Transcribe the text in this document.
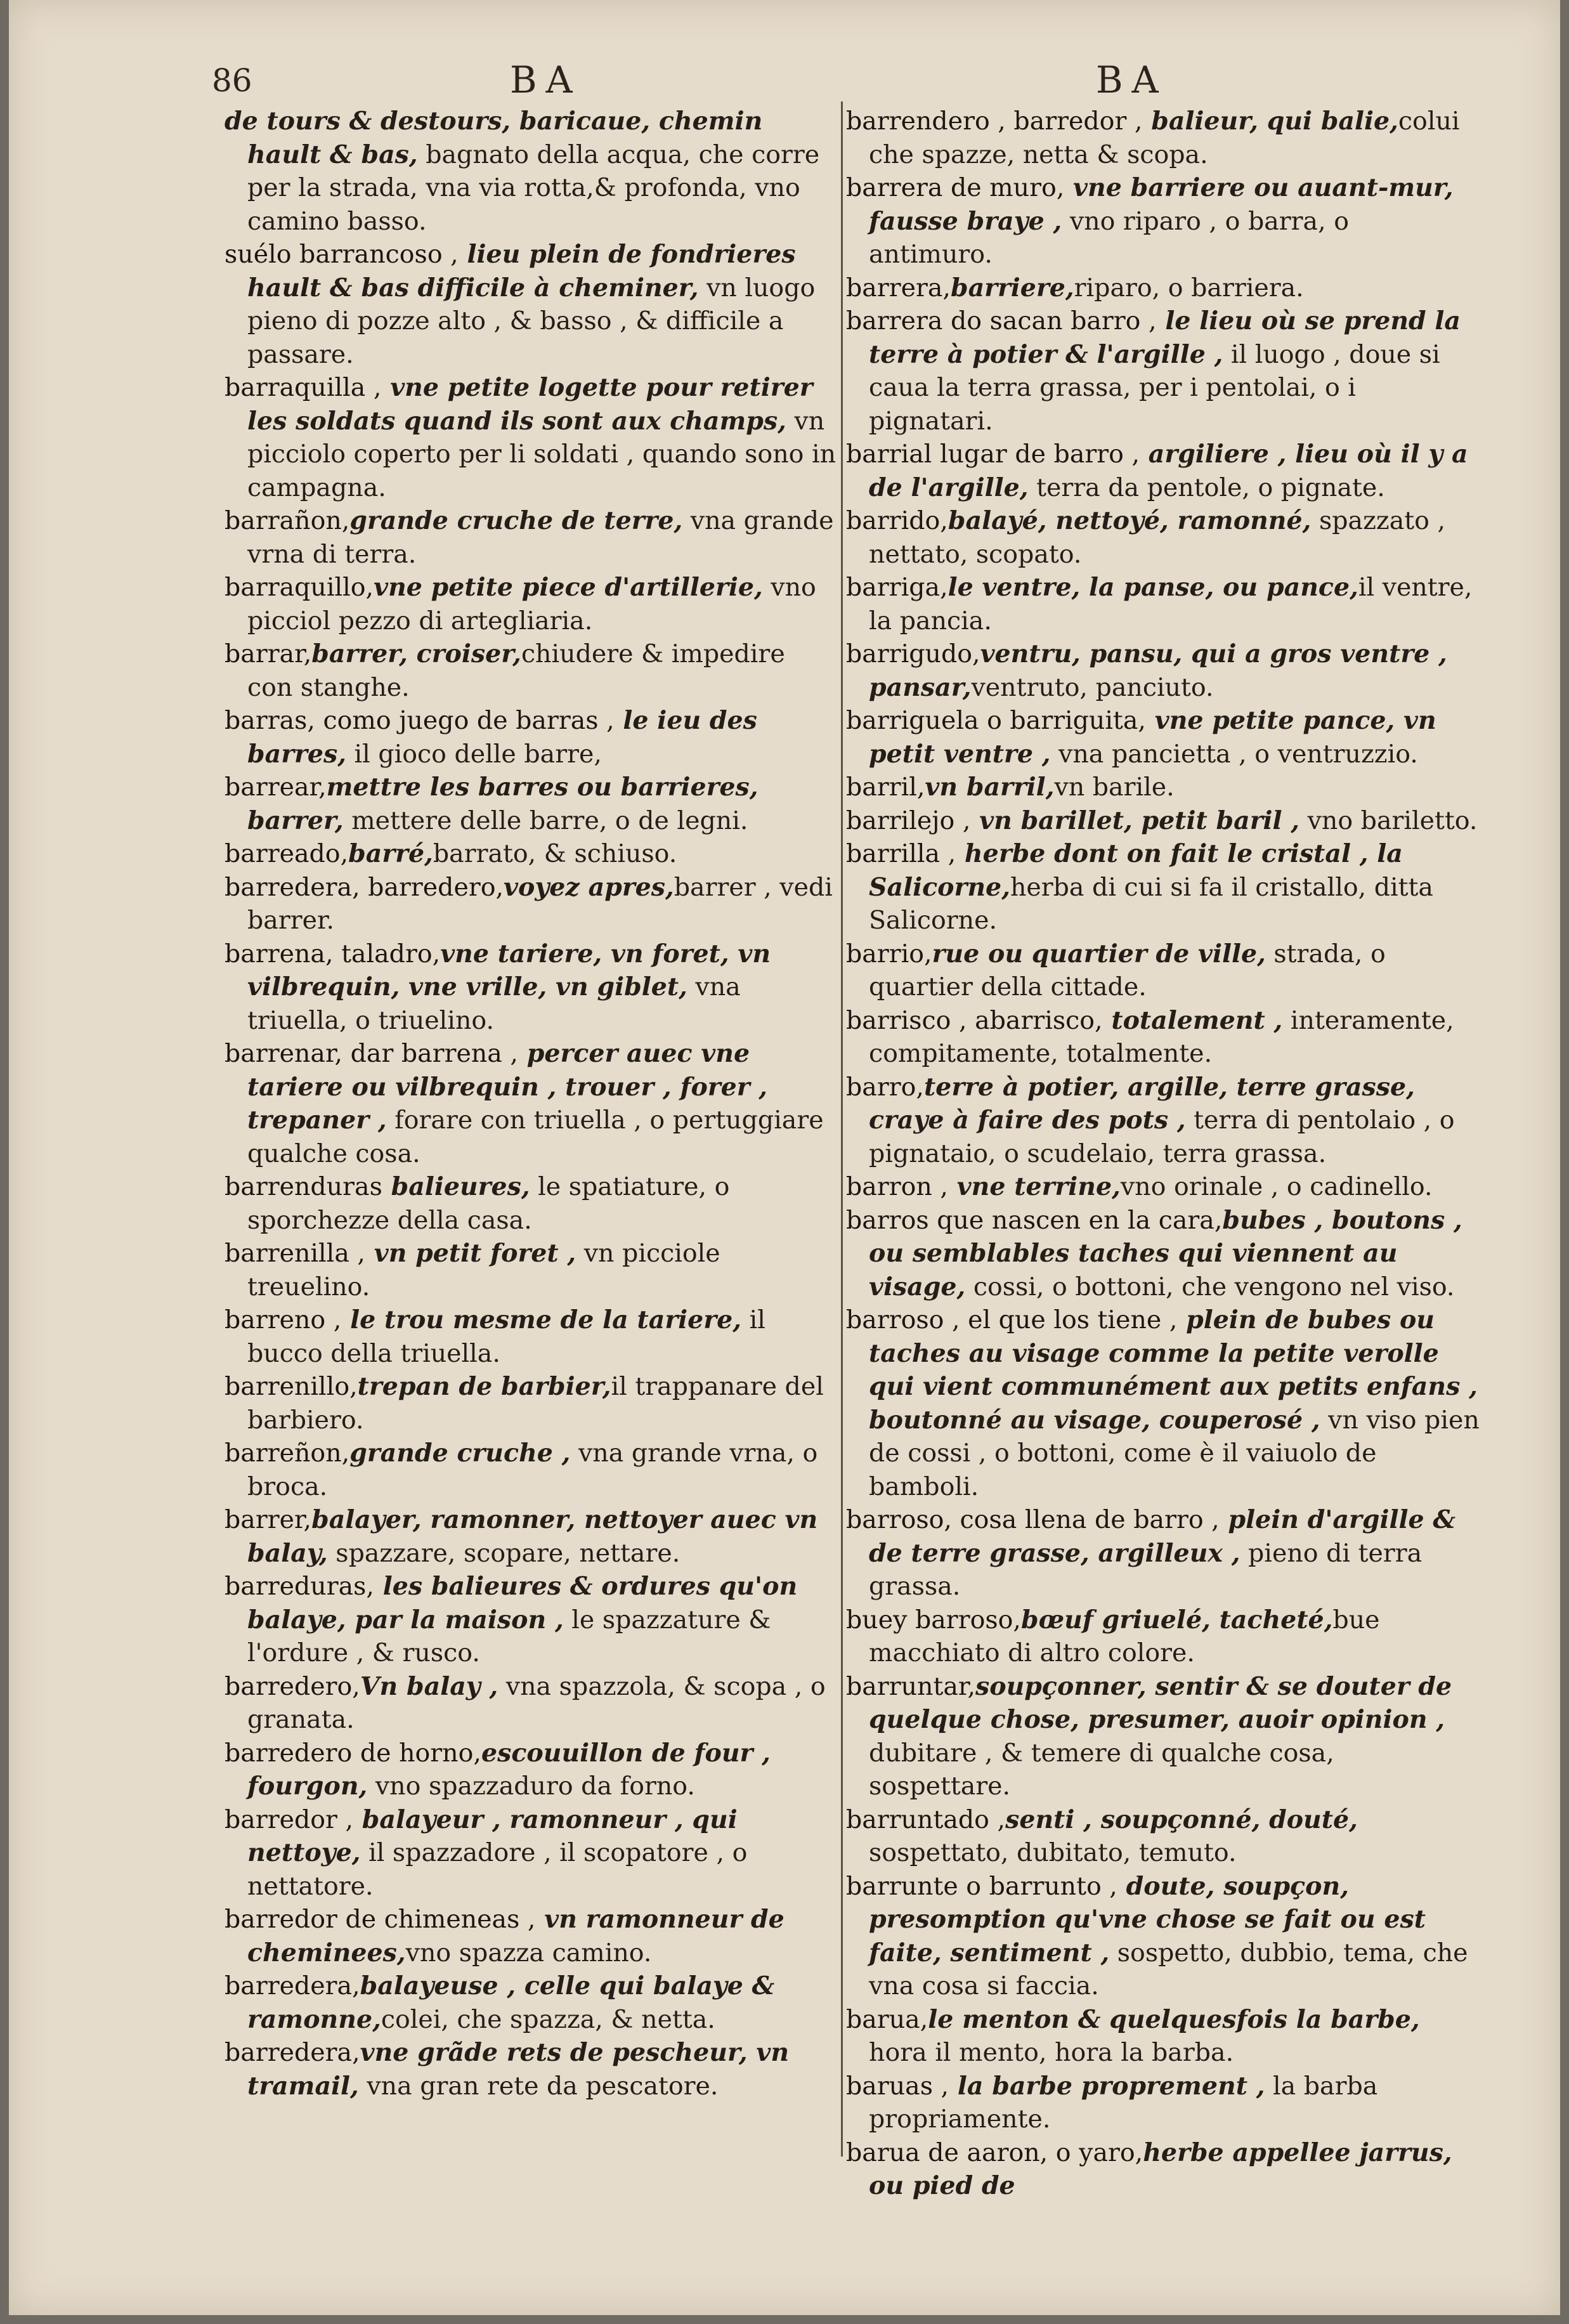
86	BA	BA

de tours & destours, baricaue, chemin hault & bas, bagnato della acqua, che corre per la strada, vna via rotta,& profonda, vno camino basso.

suélo barrancoso , lieu plein de fondrieres hault & bas difficile à cheminer, vn luogo pieno di pozze alto , & basso , & difficile a passare.

barraquilla , vne petite logette pour retirer les soldats quand ils sont aux champs, vn picciolo coperto per li soldati , quando sono in campagna.

barrañon,grande cruche de terre, vna grande vrna di terra.

barraquillo,vne petite piece d'artillerie, vno picciol pezzo di artegliaria.

barrar,barrer, croiser,chiudere & impedire con stanghe.

barras, como juego de barras , le ieu des barres, il gioco delle barre,

barrear,mettre les barres ou barrieres, barrer, mettere delle barre, o de legni.

barreado,barré,barrato, & schiuso.

barredera, barredero,voyez apres,barrer , vedi barrer.

barrena, taladro,vne tariere, vn foret, vn vilbrequin, vne vrille, vn giblet, vna triuella, o triuelino.

barrenar, dar barrena , percer auec vne tariere ou vilbrequin , trouer , forer , trepaner , forare con triuella , o pertuggiare qualche cosa.

barrenduras balieures, le spatiature, o sporchezze della casa.

barrenilla , vn petit foret , vn picciole treuelino.

barreno , le trou mesme de la tariere, il bucco della triuella.

barrenillo,trepan de barbier,il trappanare del barbiero.

barreñon,grande cruche , vna grande vrna, o broca.

barrer,balayer, ramonner, nettoyer auec vn balay, spazzare, scopare, nettare.

barreduras, les balieures & ordures qu'on balaye, par la maison , le spazzature & l'ordure , & rusco.

barredero,Vn balay , vna spazzola, & scopa , o granata.

barredero de horno,escouuillon de four , fourgon, vno spazzaduro da forno.

barredor , balayeur , ramonneur , qui nettoye, il spazzadore , il scopatore , o nettatore.

barredor de chimeneas , vn ramonneur de cheminees,vno spazza camino.

barredera,balayeuse , celle qui balaye & ramonne,colei, che spazza, & netta.

barredera,vne grãde rets de pescheur, vn tramail, vna gran rete da pescatore.

barrendero , barredor , balieur, qui balie,colui che spazze, netta & scopa.

barrera de muro, vne barriere ou auant-mur, fausse braye , vno riparo , o barra, o antimuro.

barrera,barriere,riparo, o barriera.

barrera do sacan barro , le lieu où se prend la terre à potier & l'argille , il luogo , doue si caua la terra grassa, per i pentolai, o i pignatari.

barrial lugar de barro , argiliere , lieu où il y a de l'argille, terra da pentole, o pignate.

barrido,balayé, nettoyé, ramonné, spazzato , nettato, scopato.

barriga,le ventre, la panse, ou pance,il ventre, la pancia.

barrigudo,ventru, pansu, qui a gros ventre , pansar,ventruto, panciuto.

barriguela o barriguita, vne petite pance, vn petit ventre , vna pancietta , o ventruzzio.

barril,vn barril,vn barile.

barrilejo , vn barillet, petit baril , vno bariletto.

barrilla , herbe dont on fait le cristal , la Salicorne,herba di cui si fa il cristallo, ditta Salicorne.

barrio,rue ou quartier de ville, strada, o quartier della cittade.

barrisco , abarrisco, totalement , interamente, compitamente, totalmente.

barro,terre à potier, argille, terre grasse, craye à faire des pots , terra di pentolaio , o pignataio, o scudelaio, terra grassa.

barron , vne terrine,vno orinale , o cadinello.

barros que nascen en la cara,bubes , boutons , ou semblables taches qui viennent au visage, cossi, o bottoni, che vengono nel viso.

barroso , el que los tiene , plein de bubes ou taches au visage comme la petite verolle qui vient communément aux petits enfans , boutonné au visage, couperosé , vn viso pien de cossi , o bottoni, come è il vaiuolo de bamboli.

barroso, cosa llena de barro , plein d'argille & de terre grasse, argilleux , pieno di terra grassa.

buey barroso,bœuf griuelé, tacheté,bue macchiato di altro colore.

barruntar,soupçonner, sentir & se douter de quelque chose, presumer, auoir opinion , dubitare , & temere di qualche cosa, sospettare.

barruntado ,senti , soupçonné, douté, sospettato, dubitato, temuto.

barrunte o barrunto , doute, soupçon, presomption qu'vne chose se fait ou est faite, sentiment , sospetto, dubbio, tema, che vna cosa si faccia.

barua,le menton & quelquesfois la barbe, hora il mento, hora la barba.

baruas , la barbe proprement , la barba propriamente.

barua de aaron, o yaro,herbe appellee jarrus, ou pied de
